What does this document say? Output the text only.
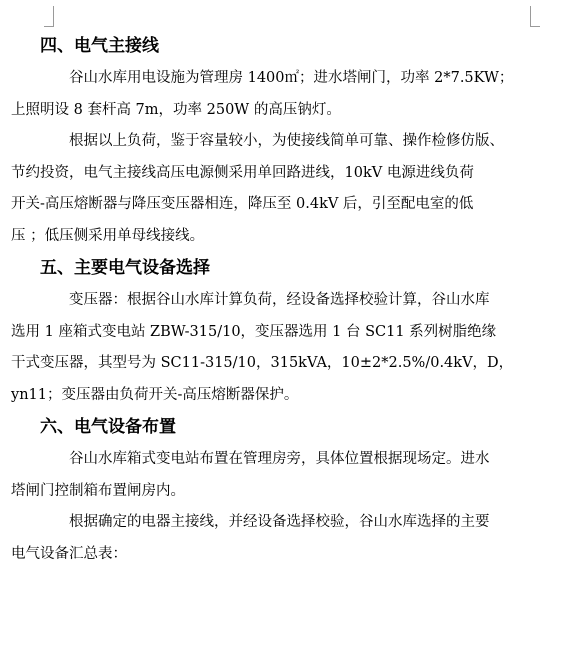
四、电气主接线

谷山水库用电设施为管理房 1400㎡；进水塔闸门，功率 2*7.5KW；
上照明设 8 套杆高 7m，功率 250W 的高压钠灯。

根据以上负荷，鉴于容量较小，为使接线简单可靠、操作检修仿版、
节约投资，电气主接线高压电源侧采用单回路进线，10kV 电源进线负荷
开关-高压熔断器与降压变压器相连，降压至 0.4kV 后，引至配电室的低
压 ；低压侧采用单母线接线。

五、主要电气设备选择

变压器：根据谷山水库计算负荷，经设备选择校验计算，谷山水库
选用 1 座箱式变电站 ZBW-315/10，变压器选用 1 台 SC11 系列树脂绝缘
干式变压器，其型号为 SC11-315/10，315kVA，10±2*2.5%/0.4kV，D，
yn11；变压器由负荷开关-高压熔断器保护。

六、电气设备布置

谷山水库箱式变电站布置在管理房旁，具体位置根据现场定。进水
塔闸门控制箱布置闸房内。

根据确定的电器主接线，并经设备选择校验，谷山水库选择的主要
电气设备汇总表：
